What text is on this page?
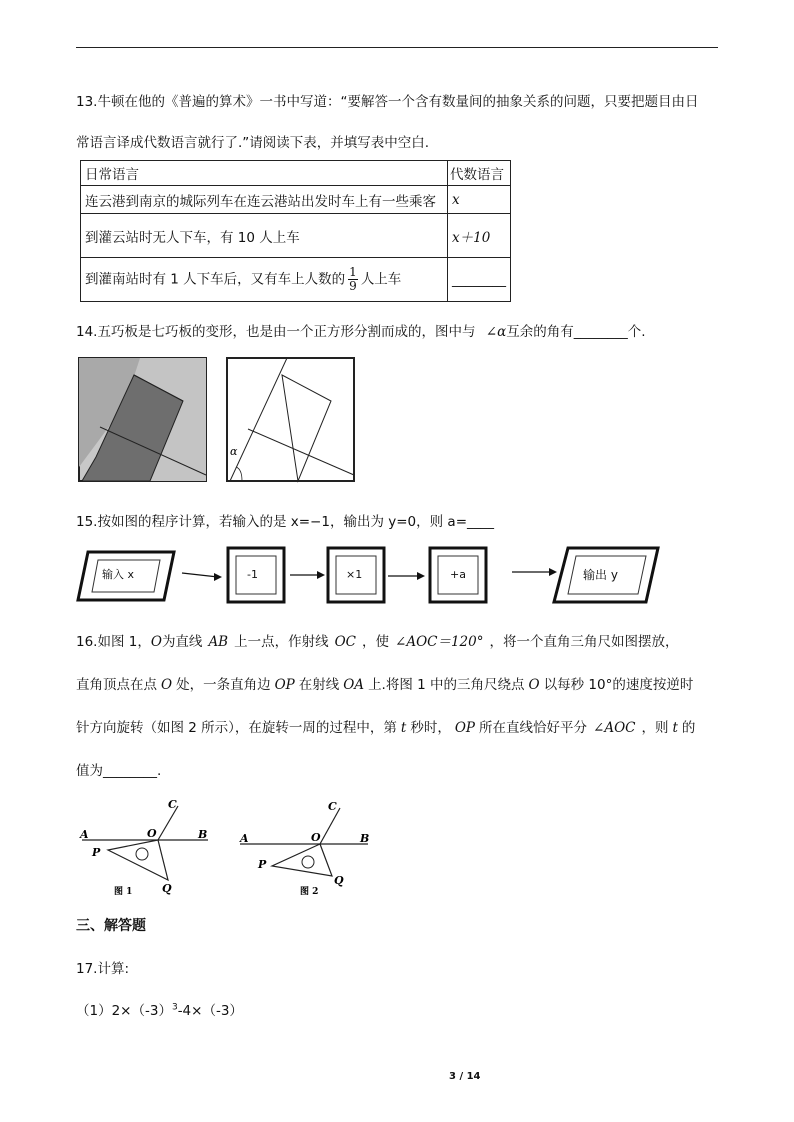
13.牛顿在他的《普遍的算术》一书中写道：“要解答一个含有数量间的抽象关系的问题，只要把题目由日
常语言译成代数语言就行了.”请阅读下表，并填写表中空白.
日常语言	代数语言
连云港到南京的城际列车在连云港站出发时车上有一些乘客	x
到灌云站时无人下车，有 10 人上车	x＋10
到灌南站时有 1 人下车后，又有车上人数的 $\frac{1}{9}$ 人上车	________
14.五巧板是七巧板的变形，也是由一个正方形分割而成的，图中与 ∠α互余的角有________个.
α
15.按如图的程序计算，若输入的是 x=−1，输出为 y=0，则 a=____
输入 x	-1	×1	+a	输出 y
16.如图 1，O为直线 AB 上一点，作射线 OC ，使 ∠AOC＝120° ，将一个直角三角尺如图摆放，
直角顶点在点 O 处，一条直角边 OP 在射线 OA 上.将图 1 中的三角尺绕点 O 以每秒 10°的速度按逆时
针方向旋转（如图 2 所示），在旋转一周的过程中，第 t 秒时， OP 所在直线恰好平分 ∠AOC ，则 t 的
值为________.
A	B
C
O
P
Q
图 1
A	B
C
O
P
Q
图 2
三、解答题
17.计算:
$(1)2\times(-3)^3-4\times(-3)$
3 / 14
